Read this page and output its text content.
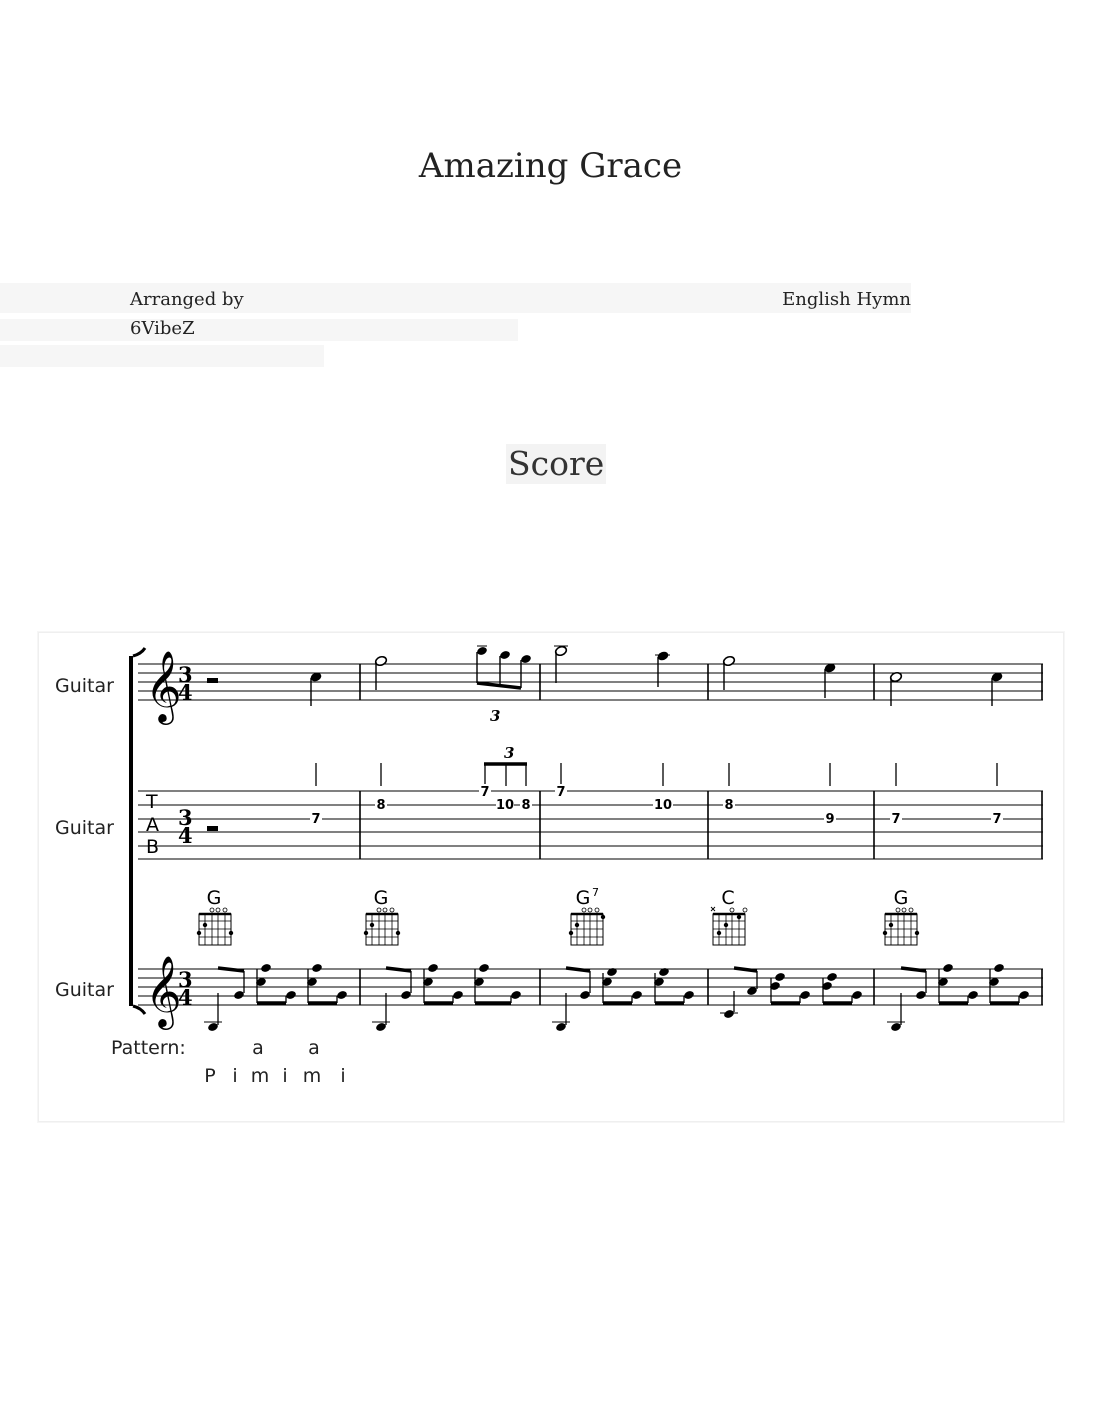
Amazing Grace
Arranged by
6VibeZ
English Hymn
Score
Guitar
Guitar
Guitar
𝄞
3
4
3
T
A
B
3
4
3
7
8
7
10 8
7
10	8
9	7	7
G	G	G	C	G
7
𝄞
3
4
Pattern:	a a
P i m i m i
